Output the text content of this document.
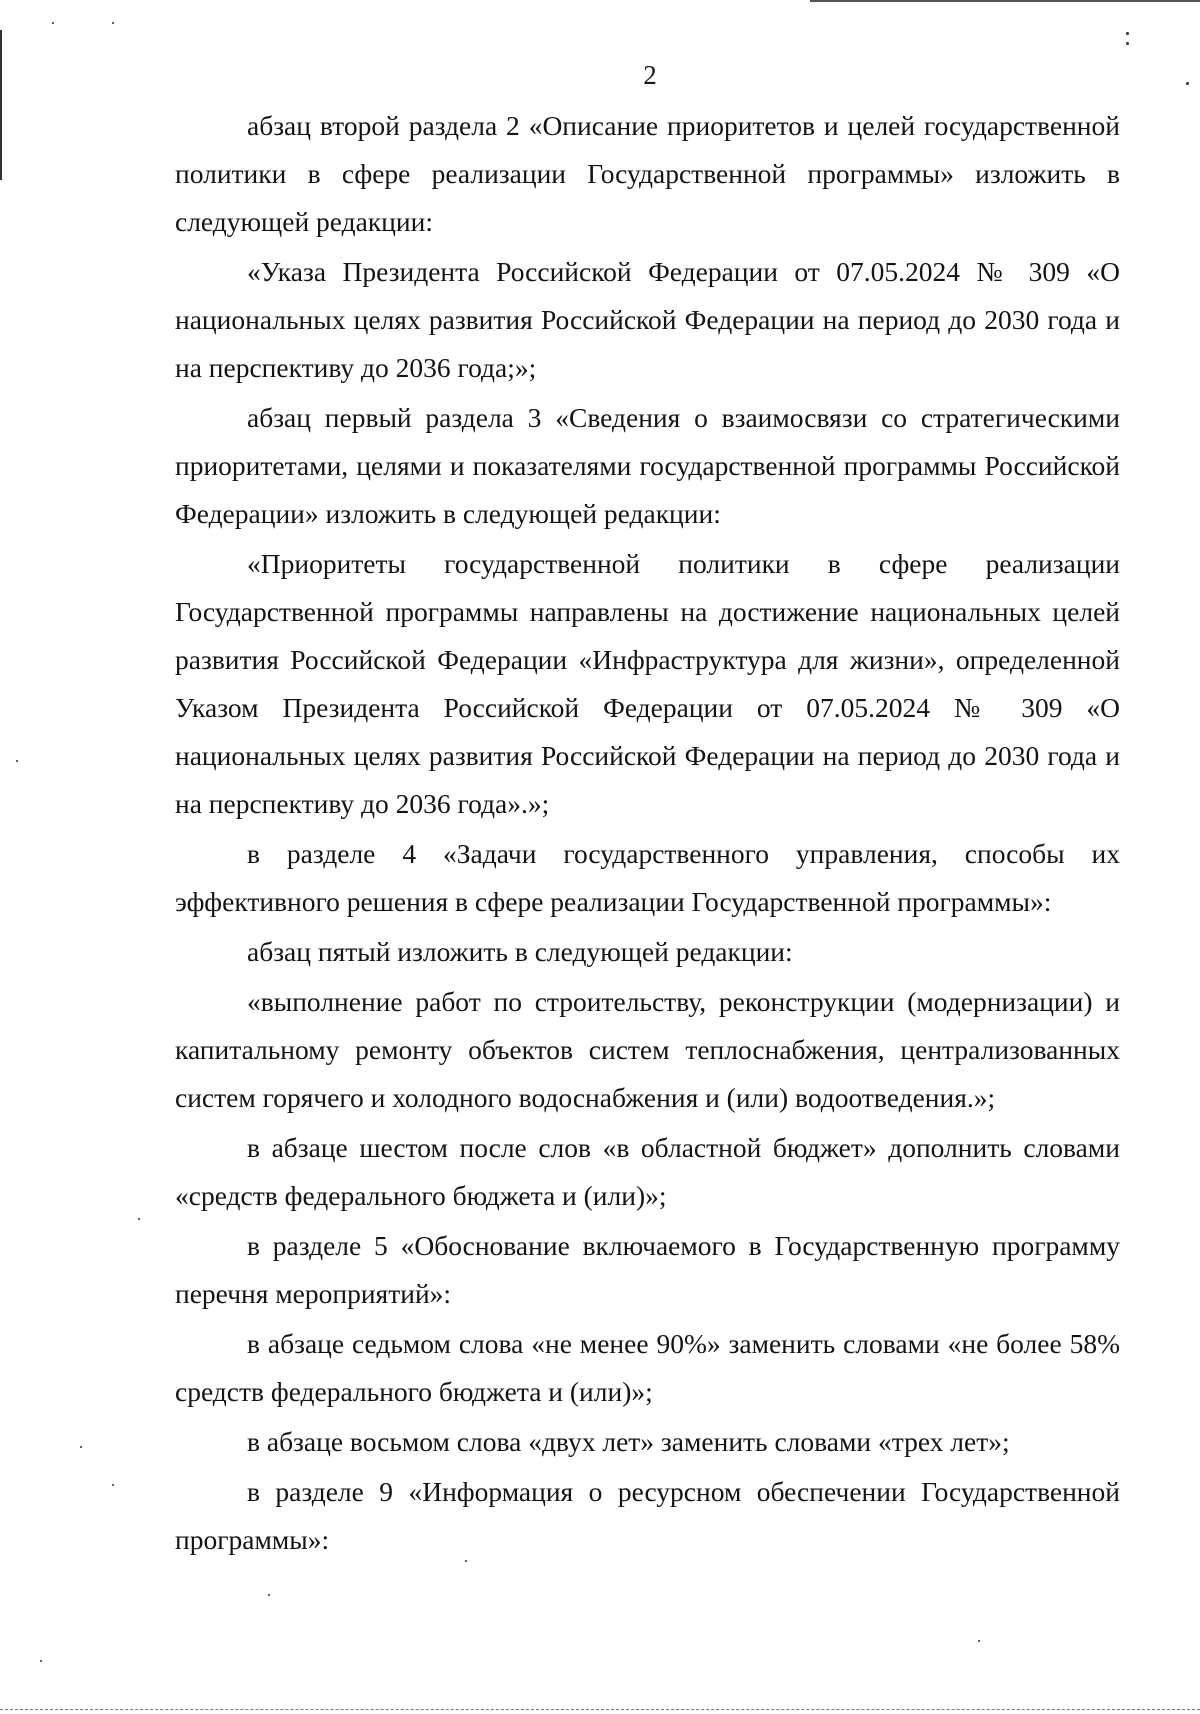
2

абзац второй раздела 2 «Описание приоритетов и целей государственной политики в сфере реализации Государственной программы» изложить в следующей редакции:

«Указа Президента Российской Федерации от 07.05.2024 № 309 «О национальных целях развития Российской Федерации на период до 2030 года и на перспективу до 2036 года;»;

абзац первый раздела 3 «Сведения о взаимосвязи со стратегическими приоритетами, целями и показателями государственной программы Российской Федерации» изложить в следующей редакции:

«Приоритеты государственной политики в сфере реализации Государственной программы направлены на достижение национальных целей развития Российской Федерации «Инфраструктура для жизни», определенной Указом Президента Российской Федерации от 07.05.2024 № 309 «О национальных целях развития Российской Федерации на период до 2030 года и на перспективу до 2036 года».»;

в разделе 4 «Задачи государственного управления, способы их эффективного решения в сфере реализации Государственной программы»:

абзац пятый изложить в следующей редакции:

«выполнение работ по строительству, реконструкции (модернизации) и капитальному ремонту объектов систем теплоснабжения, централизованных систем горячего и холодного водоснабжения и (или) водоотведения.»;

в абзаце шестом после слов «в областной бюджет» дополнить словами «средств федерального бюджета и (или)»;

в разделе 5 «Обоснование включаемого в Государственную программу перечня мероприятий»:

в абзаце седьмом слова «не менее 90%» заменить словами «не более 58% средств федерального бюджета и (или)»;

в абзаце восьмом слова «двух лет» заменить словами «трех лет»;

в разделе 9 «Информация о ресурсном обеспечении Государственной программы»:
